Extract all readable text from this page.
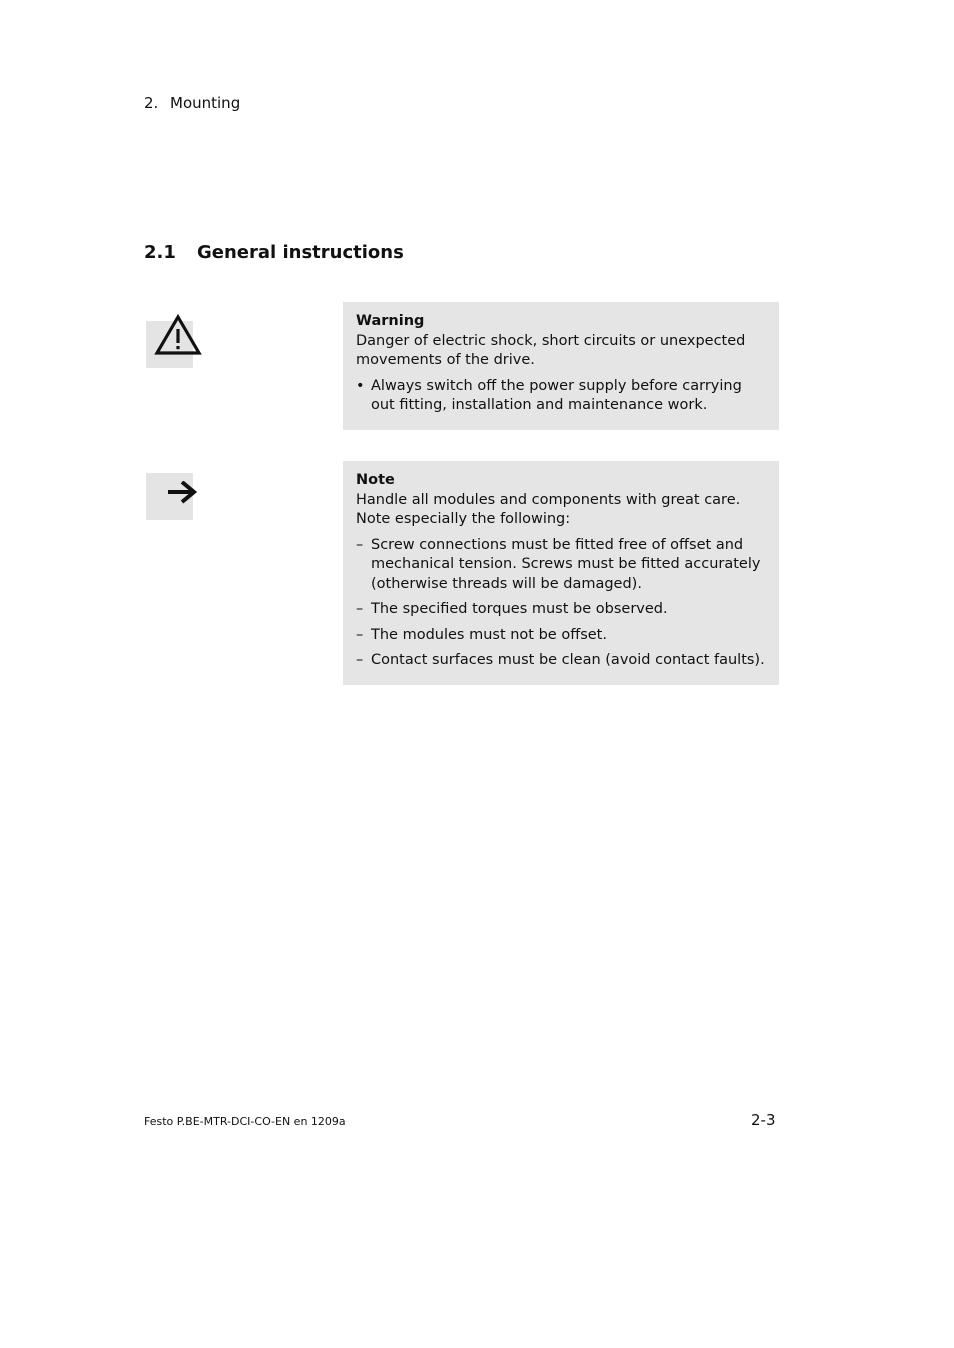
2. Mounting
2.1 General instructions
Warning
Danger of electric shock, short circuits or unexpected movements of the drive.
• Always switch off the power supply before carrying out fitting, installation and maintenance work.
Note
Handle all modules and components with great care. Note especially the following:
– Screw connections must be fitted free of offset and mechanical tension. Screws must be fitted accurately (otherwise threads will be damaged).
– The specified torques must be observed.
– The modules must not be offset.
– Contact surfaces must be clean (avoid contact faults).
Festo P.BE-MTR-DCI-CO-EN en 1209a	2-3
